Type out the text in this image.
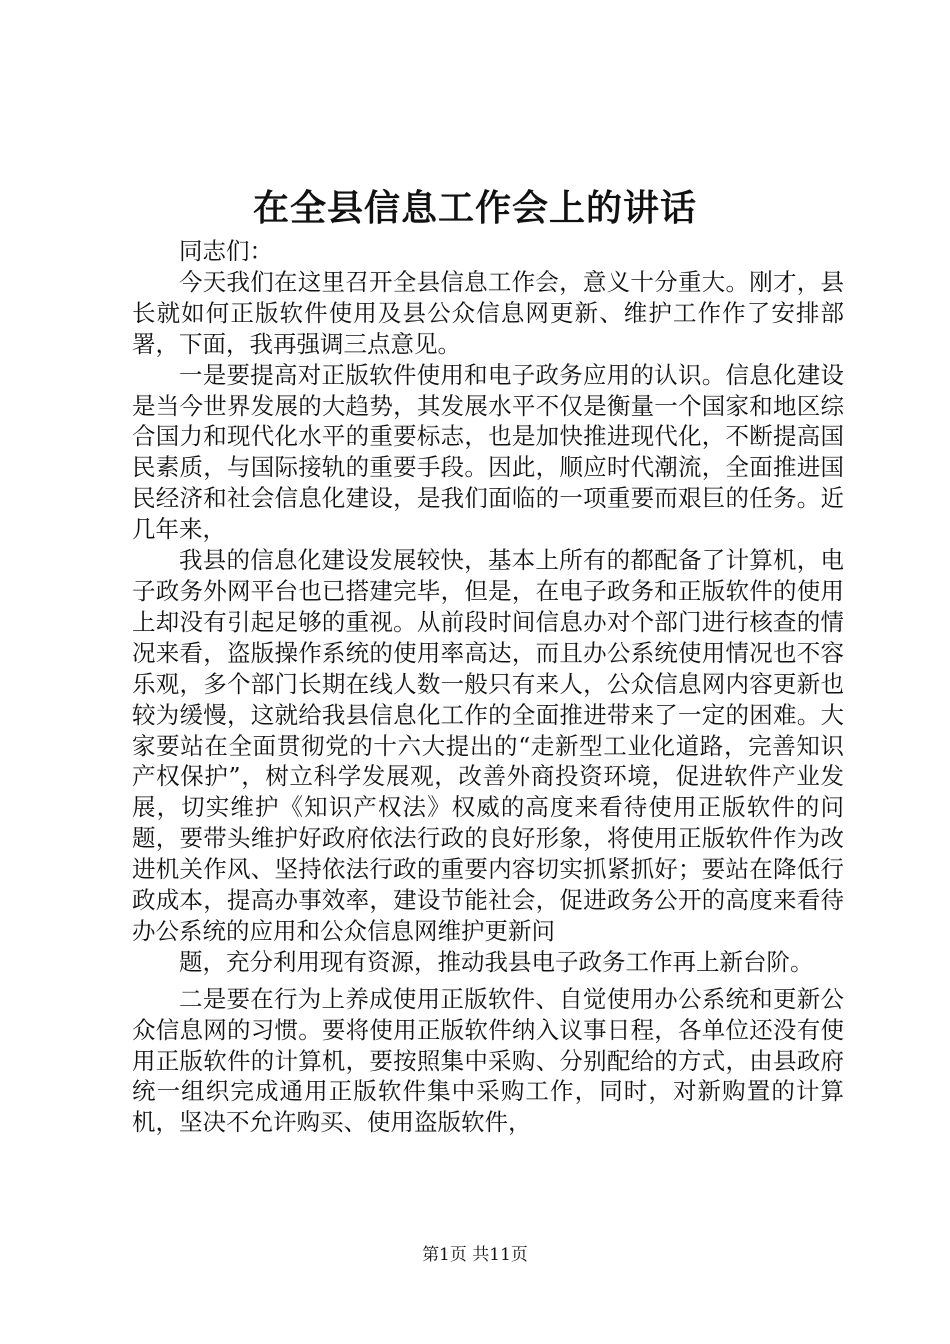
在全县信息工作会上的讲话

同志们：

今天我们在这里召开全县信息工作会，意义十分重大。刚才，县长就如何正版软件使用及县公众信息网更新、维护工作作了安排部署，下面，我再强调三点意见。

一是要提高对正版软件使用和电子政务应用的认识。信息化建设是当今世界发展的大趋势，其发展水平不仅是衡量一个国家和地区综合国力和现代化水平的重要标志，也是加快推进现代化，不断提高国民素质，与国际接轨的重要手段。因此，顺应时代潮流，全面推进国民经济和社会信息化建设，是我们面临的一项重要而艰巨的任务。近几年来，

我县的信息化建设发展较快，基本上所有的都配备了计算机，电子政务外网平台也已搭建完毕，但是，在电子政务和正版软件的使用上却没有引起足够的重视。从前段时间信息办对个部门进行核查的情况来看，盗版操作系统的使用率高达，而且办公系统使用情况也不容乐观，多个部门长期在线人数一般只有来人，公众信息网内容更新也较为缓慢，这就给我县信息化工作的全面推进带来了一定的困难。大家要站在全面贯彻党的十六大提出的“走新型工业化道路，完善知识产权保护”，树立科学发展观，改善外商投资环境，促进软件产业发展，切实维护《知识产权法》权威的高度来看待使用正版软件的问题，要带头维护好政府依法行政的良好形象，将使用正版软件作为改进机关作风、坚持依法行政的重要内容切实抓紧抓好；要站在降低行政成本，提高办事效率，建设节能社会，促进政务公开的高度来看待办公系统的应用和公众信息网维护更新问

题，充分利用现有资源，推动我县电子政务工作再上新台阶。

二是要在行为上养成使用正版软件、自觉使用办公系统和更新公众信息网的习惯。要将使用正版软件纳入议事日程，各单位还没有使用正版软件的计算机，要按照集中采购、分别配给的方式，由县政府统一组织完成通用正版软件集中采购工作，同时，对新购置的计算机，坚决不允许购买、使用盗版软件，

第1页 共11页
